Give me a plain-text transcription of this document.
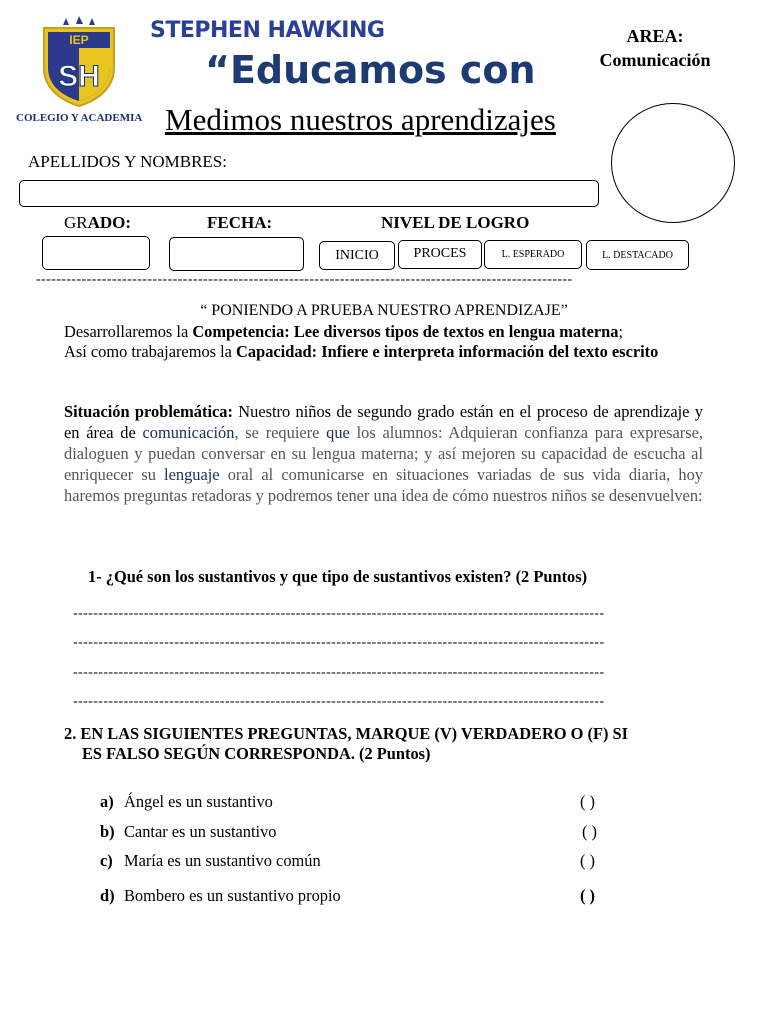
IEP
SH
STEPHEN HAWKING
“Educamos con
COLEGIO Y ACADEMIA
AREA:
Comunicación
Medimos nuestros aprendizajes
APELLIDOS Y NOMBRES:
GRADO:	FECHA:	NIVEL DE LOGRO
INICIO	PROCES	L. ESPERADO	L. DESTACADO
----------------------------------------------------------------------------------------------------------
“ PONIENDO A PRUEBA NUESTRO APRENDIZAJE”
Desarrollaremos la Competencia: Lee diversos tipos de textos en lengua materna;
Así como trabajaremos la Capacidad: Infiere e interpreta información del texto escrito
Situación problemática: Nuestro niños de segundo grado están en el proceso de aprendizaje y en área de comunicación, se requiere que los alumnos: Adquieran confianza para expresarse, dialoguen y puedan conversar en su lengua materna; y así mejoren su capacidad de escucha al enriquecer su lenguaje oral al comunicarse en situaciones variadas de sus vida diaria, hoy haremos preguntas retadoras y podremos tener una idea de cómo nuestros niños se desenvuelven:
1- ¿Qué son los sustantivos y que tipo de sustantivos existen? (2 Puntos)
---------------------------------------------------------------------------------------------------------
---------------------------------------------------------------------------------------------------------
---------------------------------------------------------------------------------------------------------
---------------------------------------------------------------------------------------------------------
2. EN LAS SIGUIENTES PREGUNTAS, MARQUE (V) VERDADERO O (F) SI
ES FALSO SEGÚN CORRESPONDA. (2 Puntos)
a) Ángel es un sustantivo	( )
b) Cantar es un sustantivo	( )
c) María es un sustantivo común	( )
d) Bombero es un sustantivo propio	( )
